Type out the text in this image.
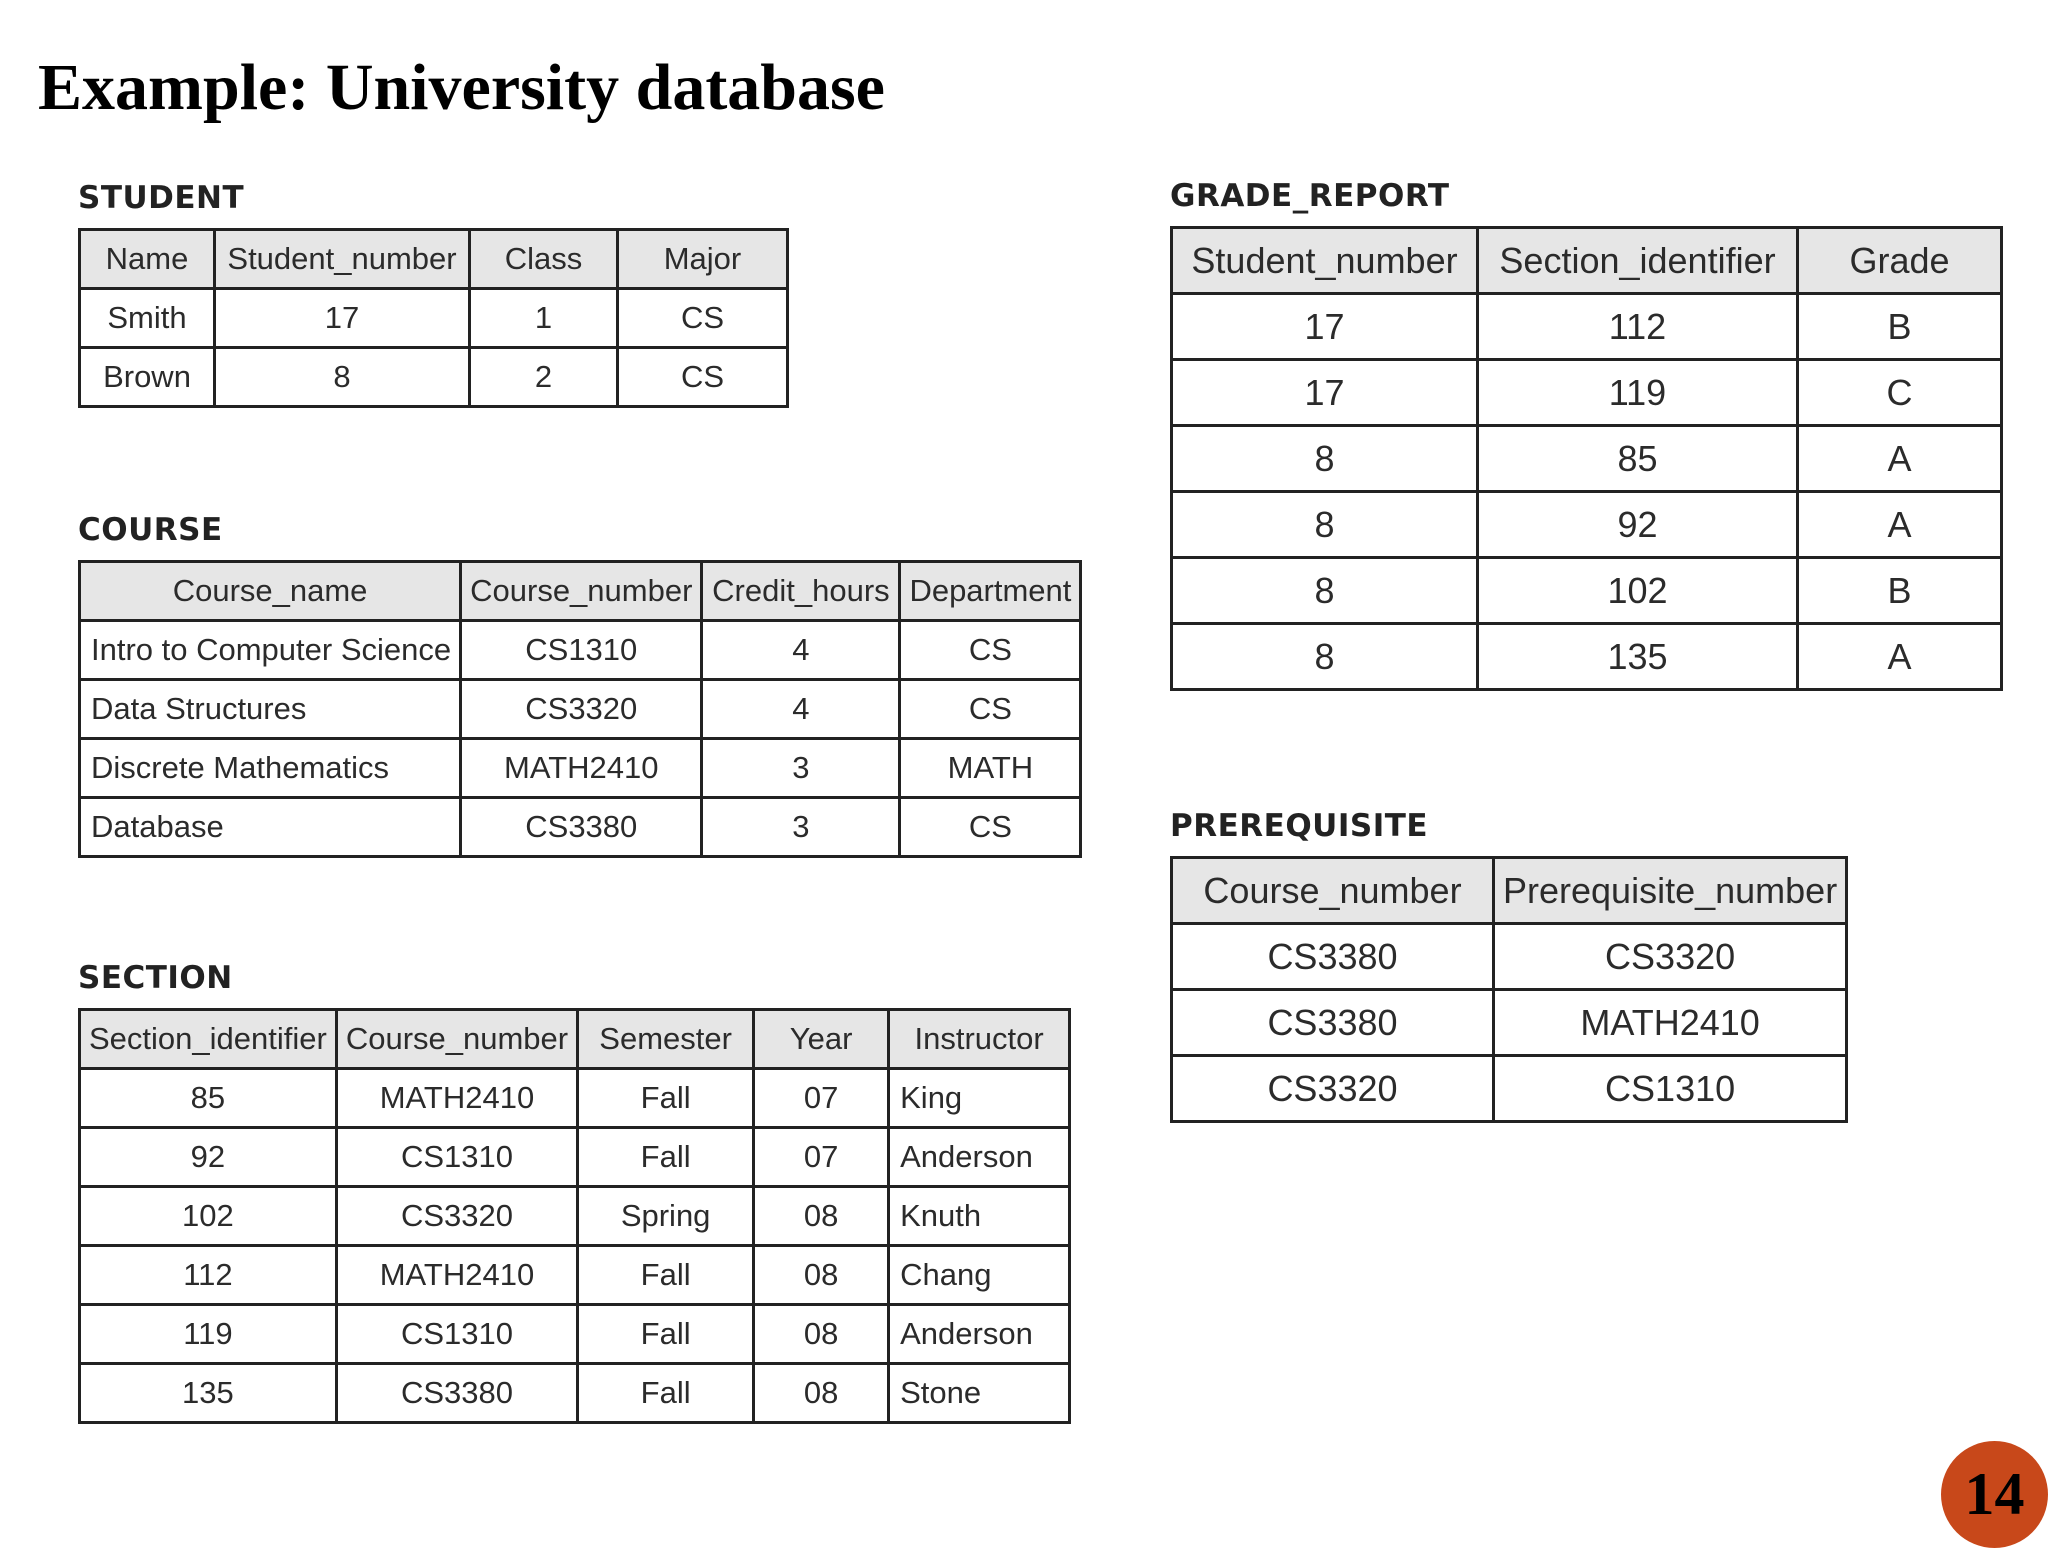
Example: University database
STUDENT
Name	Student_number	Class	Major
Smith	17	1	CS
Brown	8	2	CS
COURSE
Course_name	Course_number	Credit_hours	Department
Intro to Computer Science	CS1310	4	CS
Data Structures	CS3320	4	CS
Discrete Mathematics	MATH2410	3	MATH
Database	CS3380	3	CS
SECTION
Section_identifier	Course_number	Semester	Year	Instructor
85	MATH2410	Fall	07	King
92	CS1310	Fall	07	Anderson
102	CS3320	Spring	08	Knuth
112	MATH2410	Fall	08	Chang
119	CS1310	Fall	08	Anderson
135	CS3380	Fall	08	Stone
GRADE_REPORT
Student_number	Section_identifier	Grade
17	112	B
17	119	C
8	85	A
8	92	A
8	102	B
8	135	A
PREREQUISITE
Course_number	Prerequisite_number
CS3380	CS3320
CS3380	MATH2410
CS3320	CS1310
14
